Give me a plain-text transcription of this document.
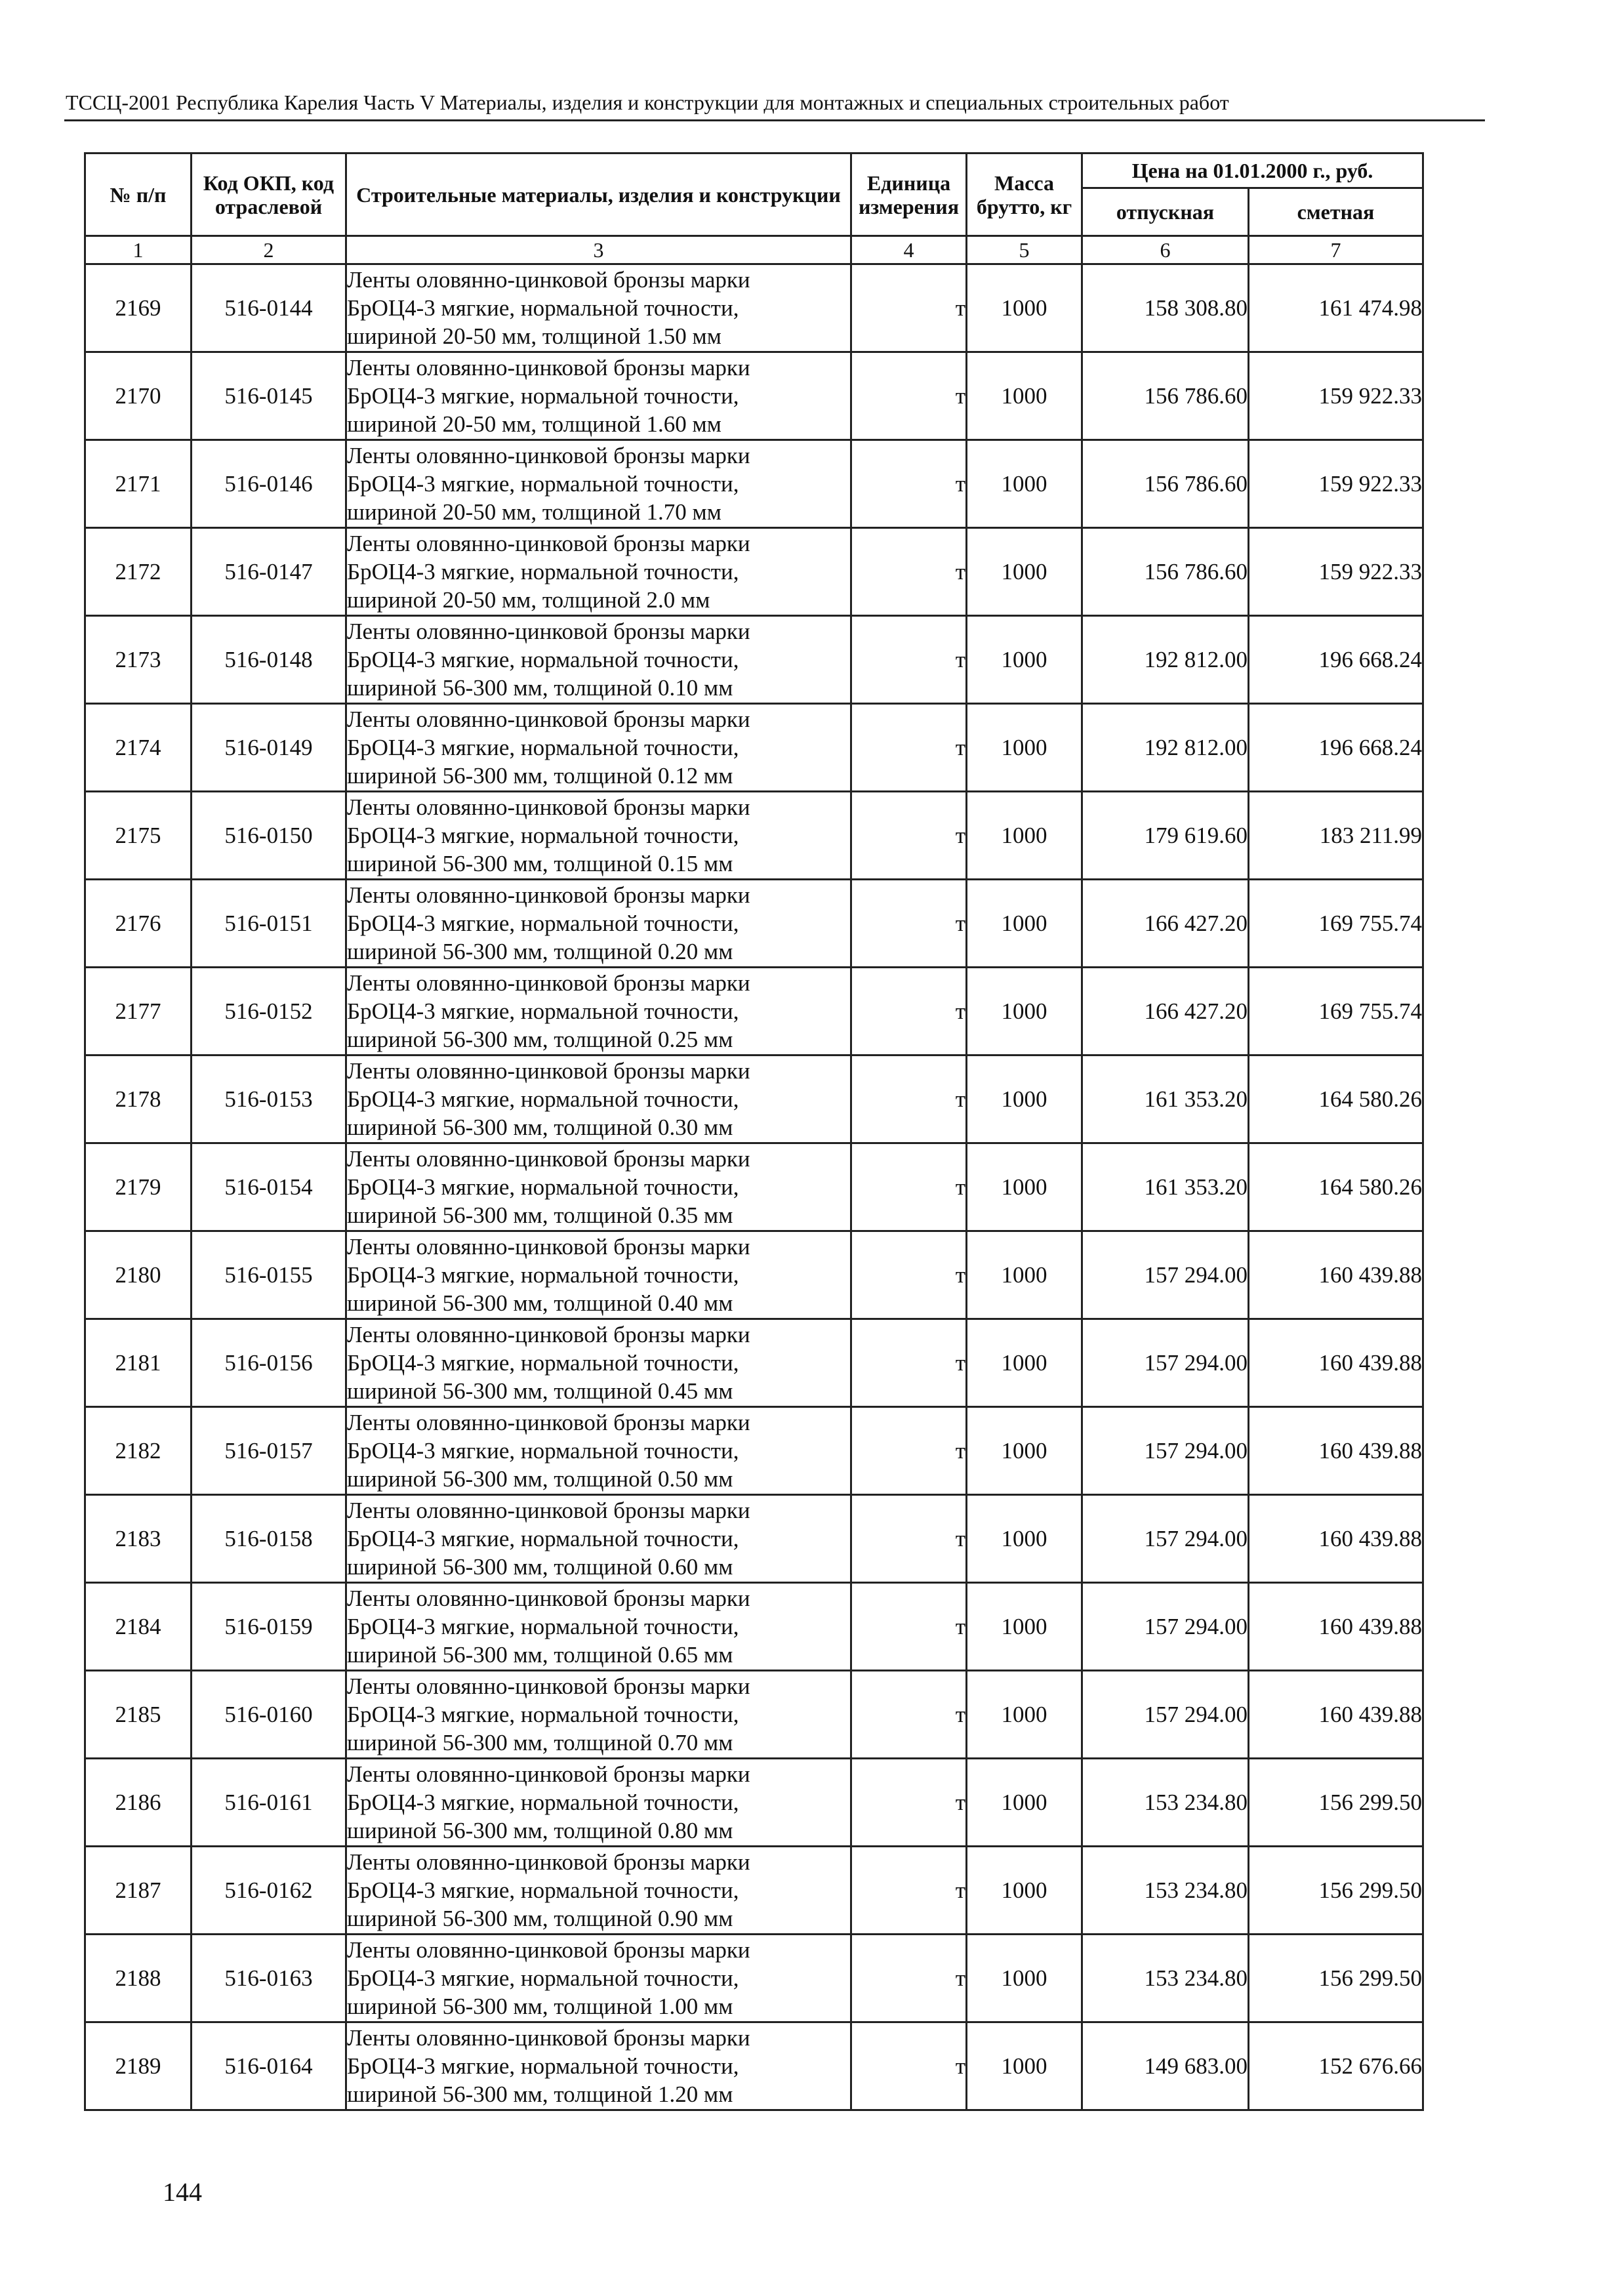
ТССЦ-2001 Республика Карелия Часть V Материалы, изделия и конструкции для монтажных и специальных строительных работ
№ п/п	Код ОКП, код отраслевой	Строительные материалы, изделия и конструкции	Единица измерения	Масса брутто, кг	Цена на 01.01.2000 г., руб.	
					отпускная	сметная
1	2	3	4	5	6	7
2169	516-0144	Ленты оловянно-цинковой бронзы марки
БрОЦ4-3 мягкие, нормальной точности,
шириной 20-50 мм, толщиной 1.50 мм	т	1000	158 308.80	161 474.98
2170	516-0145	Ленты оловянно-цинковой бронзы марки
БрОЦ4-3 мягкие, нормальной точности,
шириной 20-50 мм, толщиной 1.60 мм	т	1000	156 786.60	159 922.33
2171	516-0146	Ленты оловянно-цинковой бронзы марки
БрОЦ4-3 мягкие, нормальной точности,
шириной 20-50 мм, толщиной 1.70 мм	т	1000	156 786.60	159 922.33
2172	516-0147	Ленты оловянно-цинковой бронзы марки
БрОЦ4-3 мягкие, нормальной точности,
шириной 20-50 мм, толщиной 2.0 мм	т	1000	156 786.60	159 922.33
2173	516-0148	Ленты оловянно-цинковой бронзы марки
БрОЦ4-3 мягкие, нормальной точности,
шириной 56-300 мм, толщиной 0.10 мм	т	1000	192 812.00	196 668.24
2174	516-0149	Ленты оловянно-цинковой бронзы марки
БрОЦ4-3 мягкие, нормальной точности,
шириной 56-300 мм, толщиной 0.12 мм	т	1000	192 812.00	196 668.24
2175	516-0150	Ленты оловянно-цинковой бронзы марки
БрОЦ4-3 мягкие, нормальной точности,
шириной 56-300 мм, толщиной 0.15 мм	т	1000	179 619.60	183 211.99
2176	516-0151	Ленты оловянно-цинковой бронзы марки
БрОЦ4-3 мягкие, нормальной точности,
шириной 56-300 мм, толщиной 0.20 мм	т	1000	166 427.20	169 755.74
2177	516-0152	Ленты оловянно-цинковой бронзы марки
БрОЦ4-3 мягкие, нормальной точности,
шириной 56-300 мм, толщиной 0.25 мм	т	1000	166 427.20	169 755.74
2178	516-0153	Ленты оловянно-цинковой бронзы марки
БрОЦ4-3 мягкие, нормальной точности,
шириной 56-300 мм, толщиной 0.30 мм	т	1000	161 353.20	164 580.26
2179	516-0154	Ленты оловянно-цинковой бронзы марки
БрОЦ4-3 мягкие, нормальной точности,
шириной 56-300 мм, толщиной 0.35 мм	т	1000	161 353.20	164 580.26
2180	516-0155	Ленты оловянно-цинковой бронзы марки
БрОЦ4-3 мягкие, нормальной точности,
шириной 56-300 мм, толщиной 0.40 мм	т	1000	157 294.00	160 439.88
2181	516-0156	Ленты оловянно-цинковой бронзы марки
БрОЦ4-3 мягкие, нормальной точности,
шириной 56-300 мм, толщиной 0.45 мм	т	1000	157 294.00	160 439.88
2182	516-0157	Ленты оловянно-цинковой бронзы марки
БрОЦ4-3 мягкие, нормальной точности,
шириной 56-300 мм, толщиной 0.50 мм	т	1000	157 294.00	160 439.88
2183	516-0158	Ленты оловянно-цинковой бронзы марки
БрОЦ4-3 мягкие, нормальной точности,
шириной 56-300 мм, толщиной 0.60 мм	т	1000	157 294.00	160 439.88
2184	516-0159	Ленты оловянно-цинковой бронзы марки
БрОЦ4-3 мягкие, нормальной точности,
шириной 56-300 мм, толщиной 0.65 мм	т	1000	157 294.00	160 439.88
2185	516-0160	Ленты оловянно-цинковой бронзы марки
БрОЦ4-3 мягкие, нормальной точности,
шириной 56-300 мм, толщиной 0.70 мм	т	1000	157 294.00	160 439.88
2186	516-0161	Ленты оловянно-цинковой бронзы марки
БрОЦ4-3 мягкие, нормальной точности,
шириной 56-300 мм, толщиной 0.80 мм	т	1000	153 234.80	156 299.50
2187	516-0162	Ленты оловянно-цинковой бронзы марки
БрОЦ4-3 мягкие, нормальной точности,
шириной 56-300 мм, толщиной 0.90 мм	т	1000	153 234.80	156 299.50
2188	516-0163	Ленты оловянно-цинковой бронзы марки
БрОЦ4-3 мягкие, нормальной точности,
шириной 56-300 мм, толщиной 1.00 мм	т	1000	153 234.80	156 299.50
2189	516-0164	Ленты оловянно-цинковой бронзы марки
БрОЦ4-3 мягкие, нормальной точности,
шириной 56-300 мм, толщиной 1.20 мм	т	1000	149 683.00	152 676.66
144
